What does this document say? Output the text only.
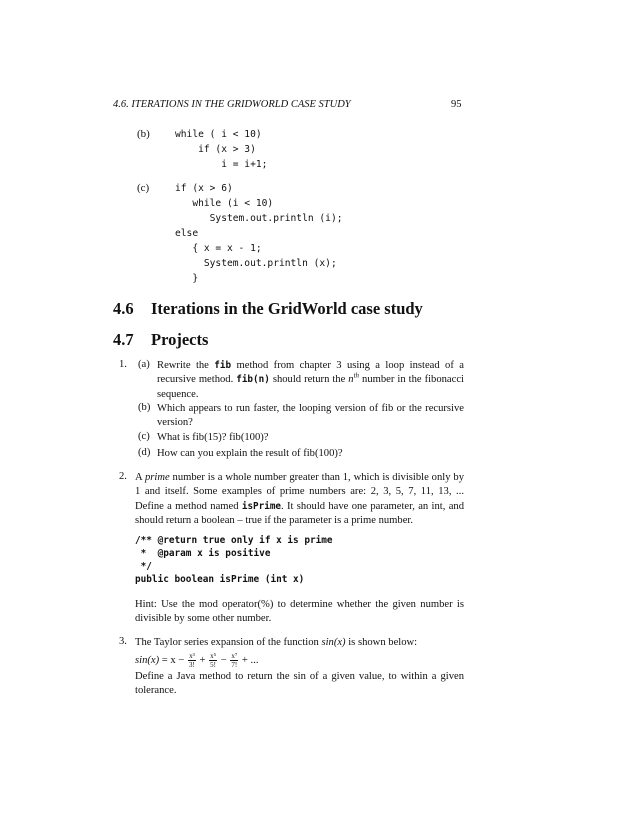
4.6. ITERATIONS IN THE GRIDWORLD CASE STUDY	95
(b)	while ( i < 10)
if (x > 3)
i = i+1;
(c)	if (x > 6)
while (i < 10)
System.out.println (i);
else
{ x = x - 1;
System.out.println (x);
}
4.6 Iterations in the GridWorld case study
4.7 Projects
1. (a) Rewrite the fib method from chapter 3 using a loop instead of a recursive method. fib(n) should return the $n^{th}$ number in the fibonacci sequence.
(b) Which appears to run faster, the looping version of fib or the recursive version?
(c) What is fib(15)? fib(100)?
(d) How can you explain the result of fib(100)?
2. A prime number is a whole number greater than 1, which is divisible only by 1 and itself. Some examples of prime numbers are: 2, 3, 5, 7, 11, 13, ... Define a method named isPrime. It should have one parameter, an int, and should return a boolean – true if the parameter is a prime number.
/** @return true only if x is prime
*  @param x is positive
*/
public boolean isPrime (int x)
Hint: Use the mod operator(%) to determine whether the given number is divisible by some other number.
3. The Taylor series expansion of the function sin(x) is shown below:
$\sin(x) = x - \frac{\text{x³}}{3!} + \frac{\text{x⁵}}{5!} - \frac{\text{x⁷}}{7!}$ + ...
Define a Java method to return the sin of a given value, to within a given tolerance.
